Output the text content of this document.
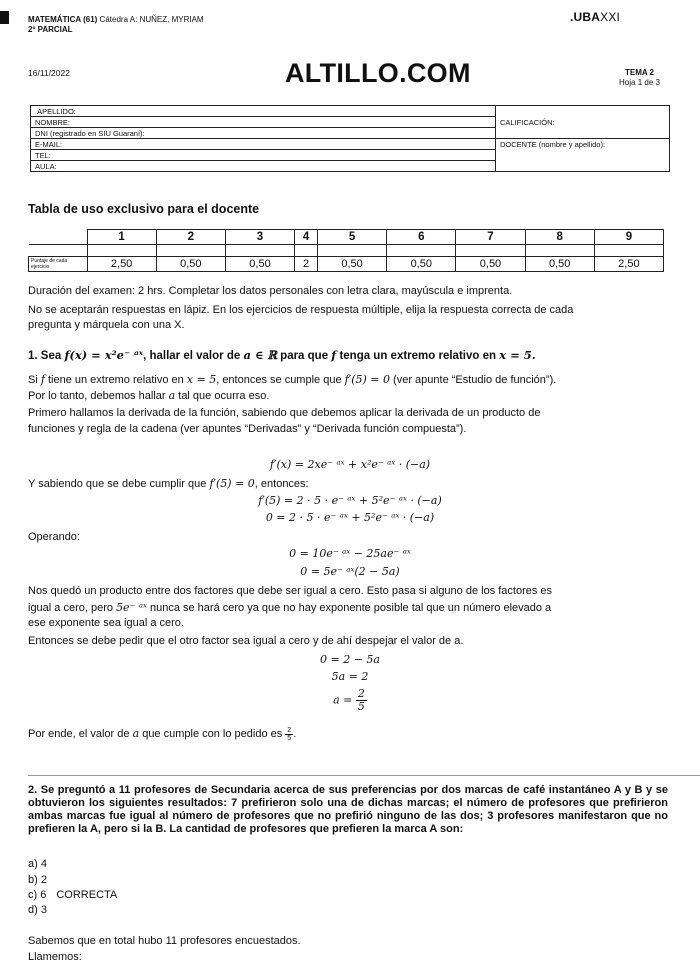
MATEMÁTICA (61) Cátedra A: NUÑEZ, MYRIAM
2º PARCIAL
.UBAXXI
16/11/2022	ALTILLO.COM	TEMA 2
Hoja 1 de 3
APELLIDO:	CALIFICACIÓN:
NOMBRE:	
DNI (registrado en SIU Guaraní):	
E-MAIL:	DOCENTE (nombre y apellido):
TEL:	
AULA:	
Tabla de uso exclusivo para el docente
	1	2	3	4	5	6	7	8	9

Puntaje de cada ejercicio	2,50	0,50	0,50	2	0,50	0,50	0,50	0,50	2,50
Duración del examen: 2 hrs. Completar los datos personales con letra clara, mayúscula e imprenta.
No se aceptarán respuestas en lápiz. En los ejercicios de respuesta múltiple, elija la respuesta correcta de cada
pregunta y márquela con una X.
1. Sea f(x) = x²e⁻ ᵃˣ, hallar el valor de a ∈ ℝ para que f tenga un extremo relativo en x = 5.
Si f tiene un extremo relativo en x = 5, entonces se cumple que f′(5) = 0 (ver apunte “Estudio de función”).
Por lo tanto, debemos hallar a tal que ocurra eso.
Primero hallamos la derivada de la función, sabiendo que debemos aplicar la derivada de un producto de
funciones y regla de la cadena (ver apuntes “Derivadas” y “Derivada función compuesta”).
f′(x) = 2xe⁻ ᵃˣ + x²e⁻ ᵃˣ · (−a)
Y sabiendo que se debe cumplir que f′(5) = 0, entonces:
f′(5) = 2 · 5 · e⁻ ᵃˣ + 5²e⁻ ᵃˣ · (−a)
0 = 2 · 5 · e⁻ ᵃˣ + 5²e⁻ ᵃˣ · (−a)
Operando:
0 = 10e⁻ ᵃˣ − 25ae⁻ ᵃˣ
0 = 5e⁻ ᵃˣ(2 − 5a)
Nos quedó un producto entre dos factores que debe ser igual a cero. Esto pasa si alguno de los factores es
igual a cero, pero 5e⁻ ᵃˣ nunca se hará cero ya que no hay exponente posible tal que un número elevado a
ese exponente sea igual a cero.
Entonces se debe pedir que el otro factor sea igual a cero y de ahí despejar el valor de a.
0 = 2 − 5a
5a = 2
$a = \frac{2}{5}$
Por ende, el valor de a que cumple con lo pedido es $\frac{2}{5}$ .
2. Se preguntó a 11 profesores de Secundaria acerca de sus preferencias por dos marcas de café instantáneo A y B y se obtuvieron los siguientes resultados: 7 prefirieron solo una de dichas marcas; el número de profesores que prefirieron ambas marcas fue igual al número de profesores que no prefirió ninguno de las dos; 3 profesores manifestaron que no prefieren la A, pero si la B. La cantidad de profesores que prefieren la marca A son:
a) 4
b) 2
c) 6 CORRECTA
d) 3
Sabemos que en total hubo 11 profesores encuestados.
Llamemos:
